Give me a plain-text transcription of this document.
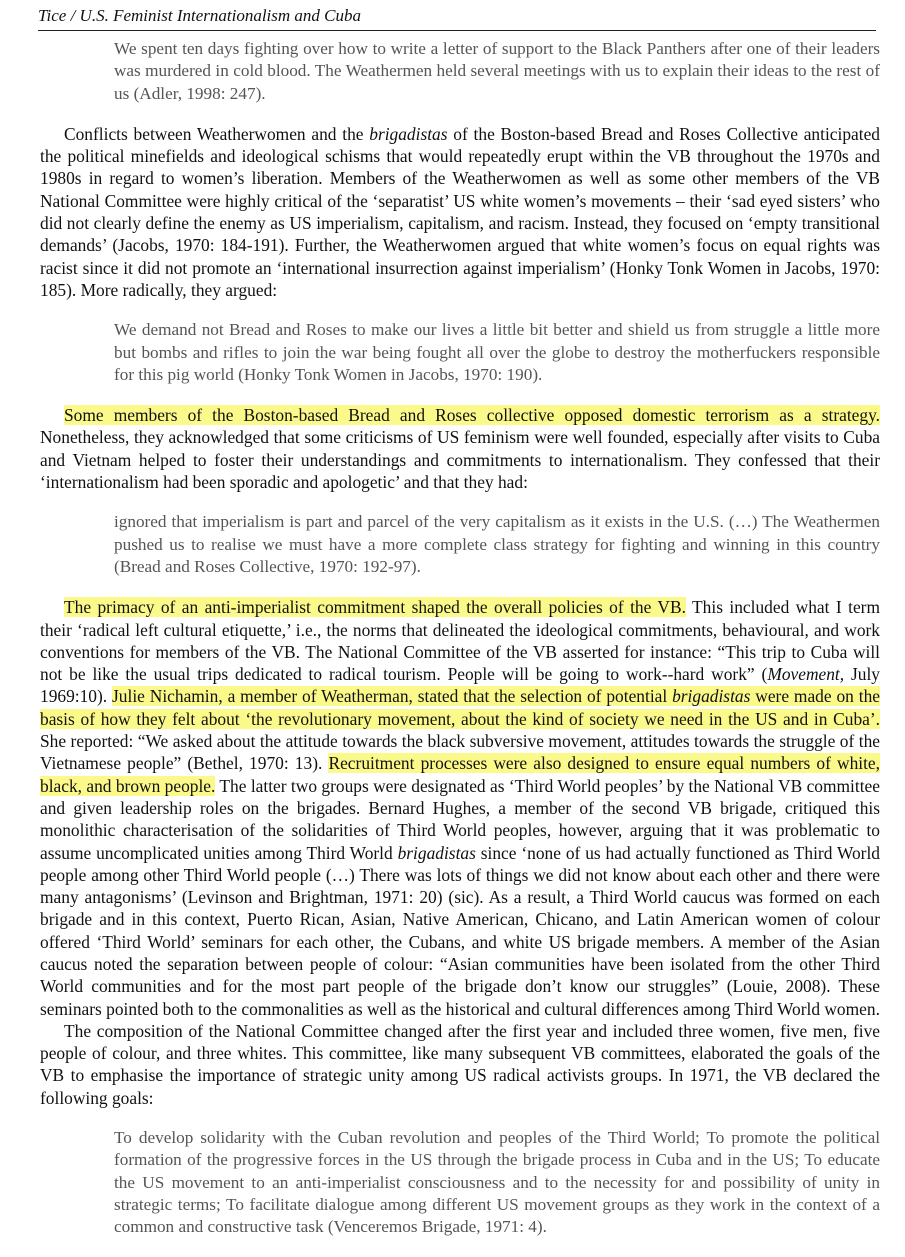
Tice / U.S. Feminist Internationalism and Cuba

We spent ten days fighting over how to write a letter of support to the Black Panthers after one of their leaders was murdered in cold blood. The Weathermen held several meetings with us to explain their ideas to the rest of us (Adler, 1998: 247).

Conflicts between Weatherwomen and the brigadistas of the Boston-based Bread and Roses Collective anticipated the political minefields and ideological schisms that would repeatedly erupt within the VB throughout the 1970s and 1980s in regard to women’s liberation. Members of the Weatherwomen as well as some other members of the VB National Committee were highly critical of the ‘separatist’ US white women’s movements – their ‘sad eyed sisters’ who did not clearly define the enemy as US imperialism, capitalism, and racism. Instead, they focused on ‘empty transitional demands’ (Jacobs, 1970: 184-191). Further, the Weatherwomen argued that white women’s focus on equal rights was racist since it did not promote an ‘international insurrection against imperialism’ (Honky Tonk Women in Jacobs, 1970: 185). More radically, they argued:

We demand not Bread and Roses to make our lives a little bit better and shield us from struggle a little more but bombs and rifles to join the war being fought all over the globe to destroy the motherfuckers responsible for this pig world (Honky Tonk Women in Jacobs, 1970: 190).

Some members of the Boston-based Bread and Roses collective opposed domestic terrorism as a strategy. Nonetheless, they acknowledged that some criticisms of US feminism were well founded, especially after visits to Cuba and Vietnam helped to foster their understandings and commitments to internationalism. They confessed that their ‘internationalism had been sporadic and apologetic’ and that they had:

ignored that imperialism is part and parcel of the very capitalism as it exists in the U.S. (…) The Weathermen pushed us to realise we must have a more complete class strategy for fighting and winning in this country (Bread and Roses Collective, 1970: 192-97).

The primacy of an anti-imperialist commitment shaped the overall policies of the VB. This included what I term their ‘radical left cultural etiquette,’ i.e., the norms that delineated the ideological commitments, behavioural, and work conventions for members of the VB. The National Committee of the VB asserted for instance: “This trip to Cuba will not be like the usual trips dedicated to radical tourism. People will be going to work--hard work” (Movement, July 1969:10). Julie Nichamin, a member of Weatherman, stated that the selection of potential brigadistas were made on the basis of how they felt about ‘the revolutionary movement, about the kind of society we need in the US and in Cuba’. She reported: “We asked about the attitude towards the black subversive movement, attitudes towards the struggle of the Vietnamese people” (Bethel, 1970: 13). Recruitment processes were also designed to ensure equal numbers of white, black, and brown people. The latter two groups were designated as ‘Third World peoples’ by the National VB committee and given leadership roles on the brigades. Bernard Hughes, a member of the second VB brigade, critiqued this monolithic characterisation of the solidarities of Third World peoples, however, arguing that it was problematic to assume uncomplicated unities among Third World brigadistas since ‘none of us had actually functioned as Third World people among other Third World people (…) There was lots of things we did not know about each other and there were many antagonisms’ (Levinson and Brightman, 1971: 20) (sic). As a result, a Third World caucus was formed on each brigade and in this context, Puerto Rican, Asian, Native American, Chicano, and Latin American women of colour offered ‘Third World’ seminars for each other, the Cubans, and white US brigade members. A member of the Asian caucus noted the separation between people of colour: “Asian communities have been isolated from the other Third World communities and for the most part people of the brigade don’t know our struggles” (Louie, 2008). These seminars pointed both to the commonalities as well as the historical and cultural differences among Third World women.

The composition of the National Committee changed after the first year and included three women, five men, five people of colour, and three whites. This committee, like many subsequent VB committees, elaborated the goals of the VB to emphasise the importance of strategic unity among US radical activists groups. In 1971, the VB declared the following goals:

To develop solidarity with the Cuban revolution and peoples of the Third World; To promote the political formation of the progressive forces in the US through the brigade process in Cuba and in the US; To educate the US movement to an anti-imperialist consciousness and to the necessity for and possibility of unity in strategic terms; To facilitate dialogue among different US movement groups as they work in the context of a common and constructive task (Venceremos Brigade, 1971: 4).
